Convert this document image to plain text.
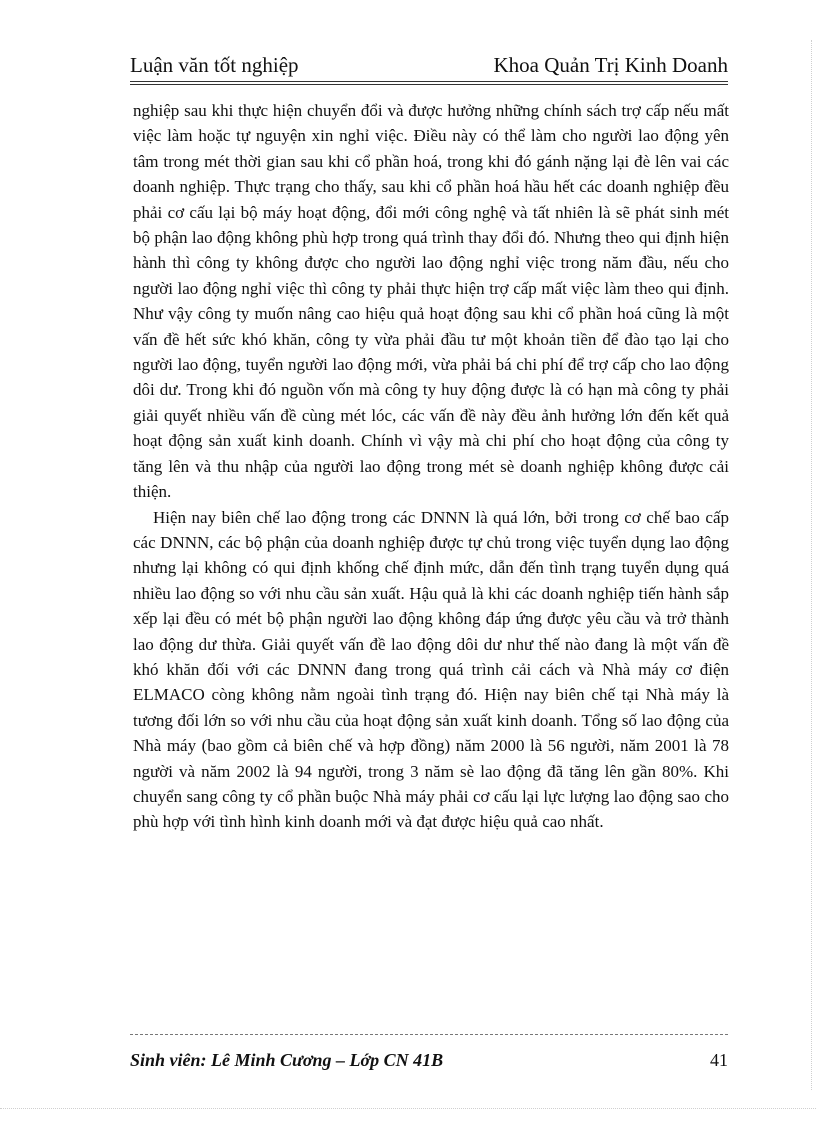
Luận văn tốt nghiệp	Khoa Quản Trị Kinh Doanh

nghiệp sau khi thực hiện chuyển đổi và được hưởng những chính sách trợ cấp nếu mất việc làm hoặc tự nguyện xin nghỉ việc. Điều này có thể làm cho người lao động yên tâm trong mét thời gian sau khi cổ phần hoá, trong khi đó gánh nặng lại đè lên vai các doanh nghiệp. Thực trạng cho thấy, sau khi cổ phần hoá hầu hết các doanh nghiệp đều phải cơ cấu lại bộ máy hoạt động, đổi mới công nghệ và tất nhiên là sẽ phát sinh mét bộ phận lao động không phù hợp trong quá trình thay đổi đó. Nhưng theo qui định hiện hành thì công ty không được cho người lao động nghỉ việc trong năm đầu, nếu cho người lao động nghỉ việc thì công ty phải thực hiện trợ cấp mất việc làm theo qui định. Như vậy công ty muốn nâng cao hiệu quả hoạt động sau khi cổ phần hoá cũng là một vấn đề hết sức khó khăn, công ty vừa phải đầu tư một khoản tiền để đào tạo lại cho người lao động, tuyển người lao động mới, vừa phải bá chi phí để trợ cấp cho lao động dôi dư. Trong khi đó nguồn vốn mà công ty huy động được là có hạn mà công ty phải giải quyết nhiều vấn đề cùng mét lóc, các vấn đề này đều ảnh hưởng lớn đến kết quả hoạt động sản xuất kinh doanh. Chính vì vậy mà chi phí cho hoạt động của công ty tăng lên và thu nhập của người lao động trong mét sè doanh nghiệp không được cải thiện.

Hiện nay biên chế lao động trong các DNNN là quá lớn, bởi trong cơ chế bao cấp các DNNN, các bộ phận của doanh nghiệp được tự chủ trong việc tuyển dụng lao động nhưng lại không có qui định khống chế định mức, dẫn đến tình trạng tuyển dụng quá nhiều lao động so với nhu cầu sản xuất. Hậu quả là khi các doanh nghiệp tiến hành sắp xếp lại đều có mét bộ phận người lao động không đáp ứng được yêu cầu và trở thành lao động dư thừa. Giải quyết vấn đề lao động dôi dư như thế nào đang là một vấn đề khó khăn đối với các DNNN đang trong quá trình cải cách và Nhà máy cơ điện ELMACO còng không nằm ngoài tình trạng đó. Hiện nay biên chế tại Nhà máy là tương đối lớn so với nhu cầu của hoạt động sản xuất kinh doanh. Tổng số lao động của Nhà máy (bao gồm cả biên chế và hợp đồng) năm 2000 là 56 người, năm 2001 là 78 người và năm 2002 là 94 người, trong 3 năm sè lao động đã tăng lên gần 80%. Khi chuyển sang công ty cổ phần buộc Nhà máy phải cơ cấu lại lực lượng lao động sao cho phù hợp với tình hình kinh doanh mới và đạt được hiệu quả cao nhất.

Sinh viên: Lê Minh Cương – Lớp CN 41B	41
